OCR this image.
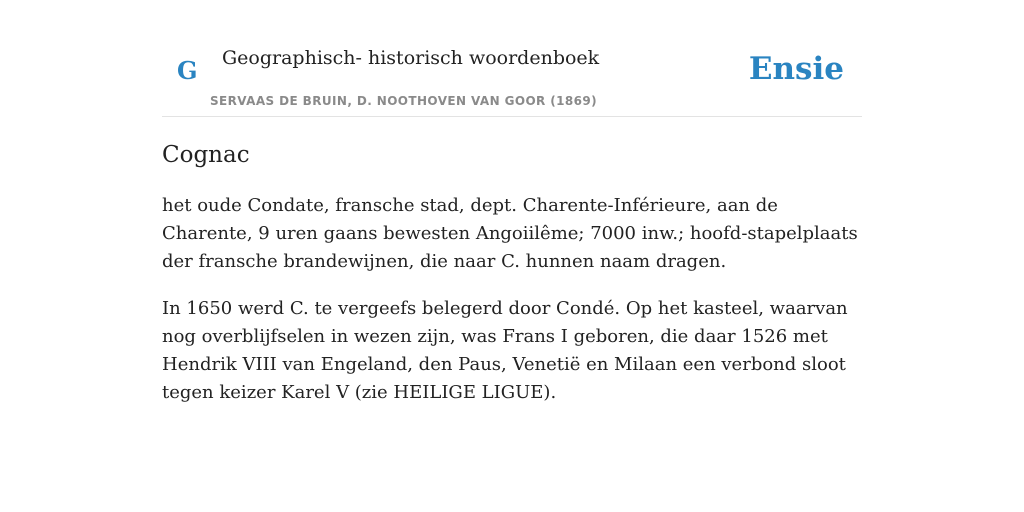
G Geographisch- historisch woordenboek
SERVAAS DE BRUIN, D. NOOTHOVEN VAN GOOR (1869)
Ensie
Cognac

het oude Condate, fransche stad, dept. Charente-Inférieure, aan de Charente, 9 uren gaans bewesten Angoiilême; 7000 inw.; hoofd-stapelplaats der fransche brandewijnen, die naar C. hunnen naam dragen.

In 1650 werd C. te vergeefs belegerd door Condé. Op het kasteel, waarvan nog overblijfselen in wezen zijn, was Frans I geboren, die daar 1526 met Hendrik VIII van Engeland, den Paus, Venetië en Milaan een verbond sloot tegen keizer Karel V (zie HEILIGE LIGUE).
